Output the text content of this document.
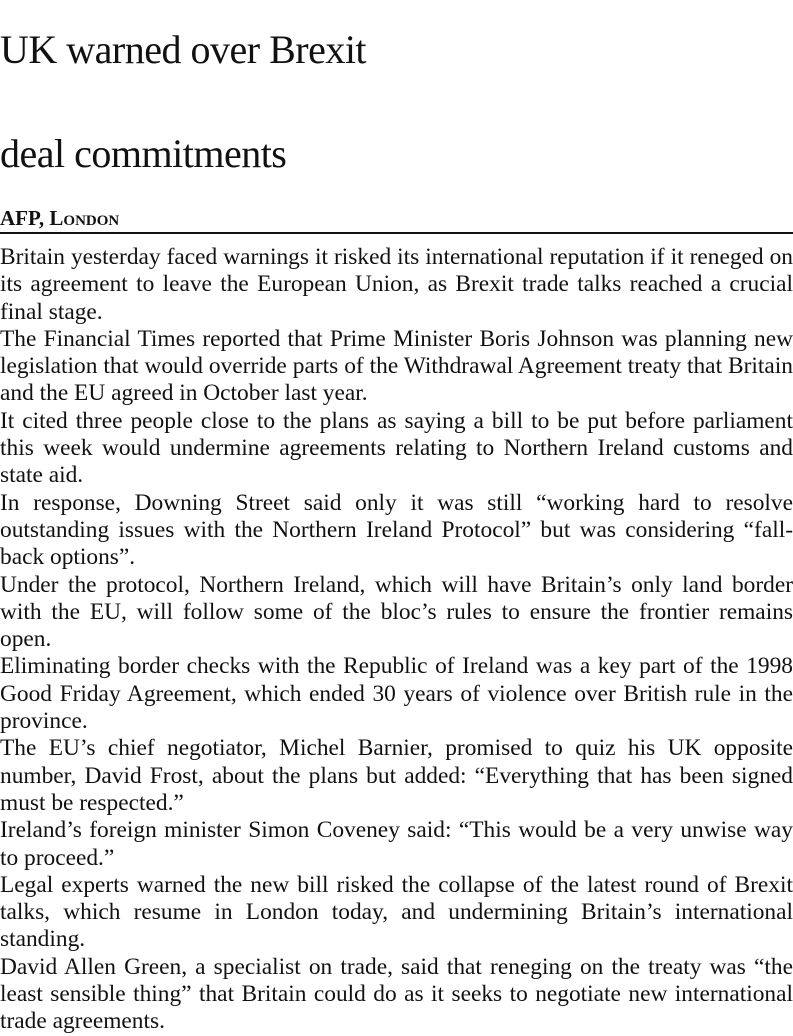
UK warned over Brexit
deal commitments
AFP, London

Britain yesterday faced warnings it risked its international reputation if it reneged on its agreement to leave the European Union, as Brexit trade talks reached a crucial final stage.

The Financial Times reported that Prime Minister Boris Johnson was planning new legislation that would override parts of the Withdrawal Agreement treaty that Britain and the EU agreed in October last year.

It cited three people close to the plans as saying a bill to be put before parliament this week would undermine agreements relating to Northern Ireland customs and state aid.

In response, Downing Street said only it was still “working hard to resolve outstanding issues with the Northern Ireland Protocol” but was considering “fall-back options”.

Under the protocol, Northern Ireland, which will have Britain’s only land border with the EU, will follow some of the bloc’s rules to ensure the frontier remains open.

Eliminating border checks with the Republic of Ireland was a key part of the 1998 Good Friday Agreement, which ended 30 years of violence over British rule in the province.

The EU’s chief negotiator, Michel Barnier, promised to quiz his UK opposite number, David Frost, about the plans but added: “Everything that has been signed must be respected.”

Ireland’s foreign minister Simon Coveney said: “This would be a very unwise way to proceed.”

Legal experts warned the new bill risked the collapse of the latest round of Brexit talks, which resume in London today, and undermining Britain’s international standing.

David Allen Green, a specialist on trade, said that reneging on the treaty was “the least sensible thing” that Britain could do as it seeks to negotiate new international trade agreements.
